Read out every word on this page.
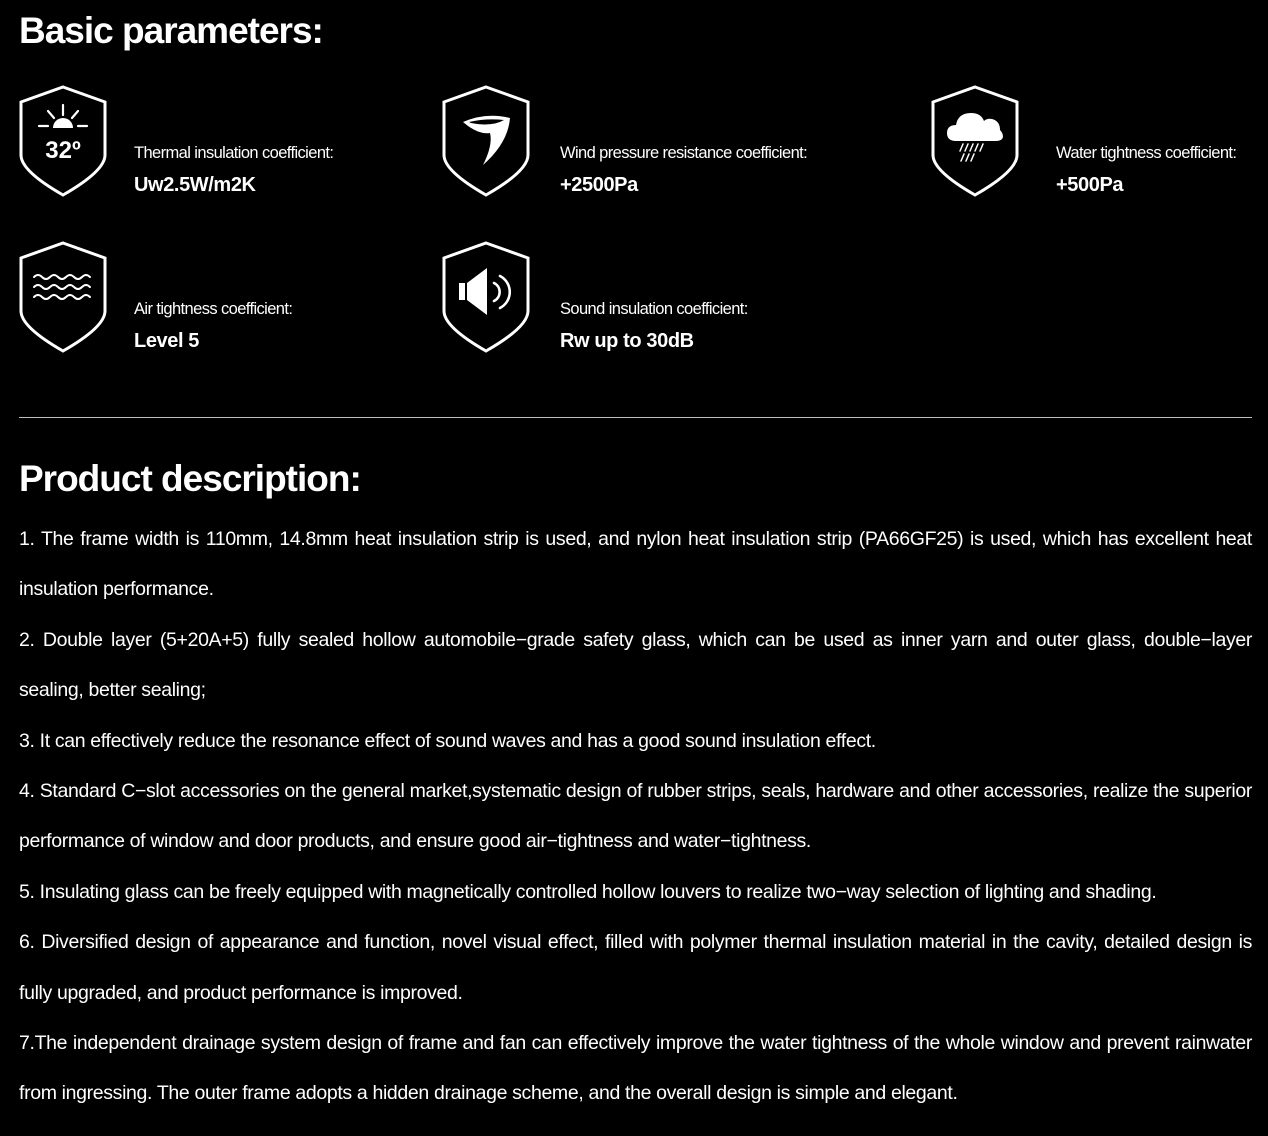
Basic parameters:
32º	Thermal insulation coefficient:
Uw2.5W/m2K
Wind pressure resistance coefficient:
+2500Pa
Water tightness coefficient:
+500Pa
Air tightness coefficient:
Level 5
Sound insulation coefficient:
Rw up to 30dB
Product description:
1. The frame width is 110mm, 14.8mm heat insulation strip is used, and nylon heat insulation strip (PA66GF25) is used, which has excellent heat insulation performance.
2. Double layer (5+20A+5) fully sealed hollow automobile−grade safety glass, which can be used as inner yarn and outer glass, double−layer sealing, better sealing;
3. It can effectively reduce the resonance effect of sound waves and has a good sound insulation effect.
4. Standard C−slot accessories on the general market,systematic design of rubber strips, seals, hardware and other accessories, realize the superior performance of window and door products, and ensure good air−tightness and water−tightness.
5. Insulating glass can be freely equipped with magnetically controlled hollow louvers to realize two−way selection of lighting and shading.
6. Diversified design of appearance and function, novel visual effect, filled with polymer thermal insulation material in the cavity, detailed design is fully upgraded, and product performance is improved.
7.The independent drainage system design of frame and fan can effectively improve the water tightness of the whole window and prevent rainwater from ingressing. The outer frame adopts a hidden drainage scheme, and the overall design is simple and elegant.
